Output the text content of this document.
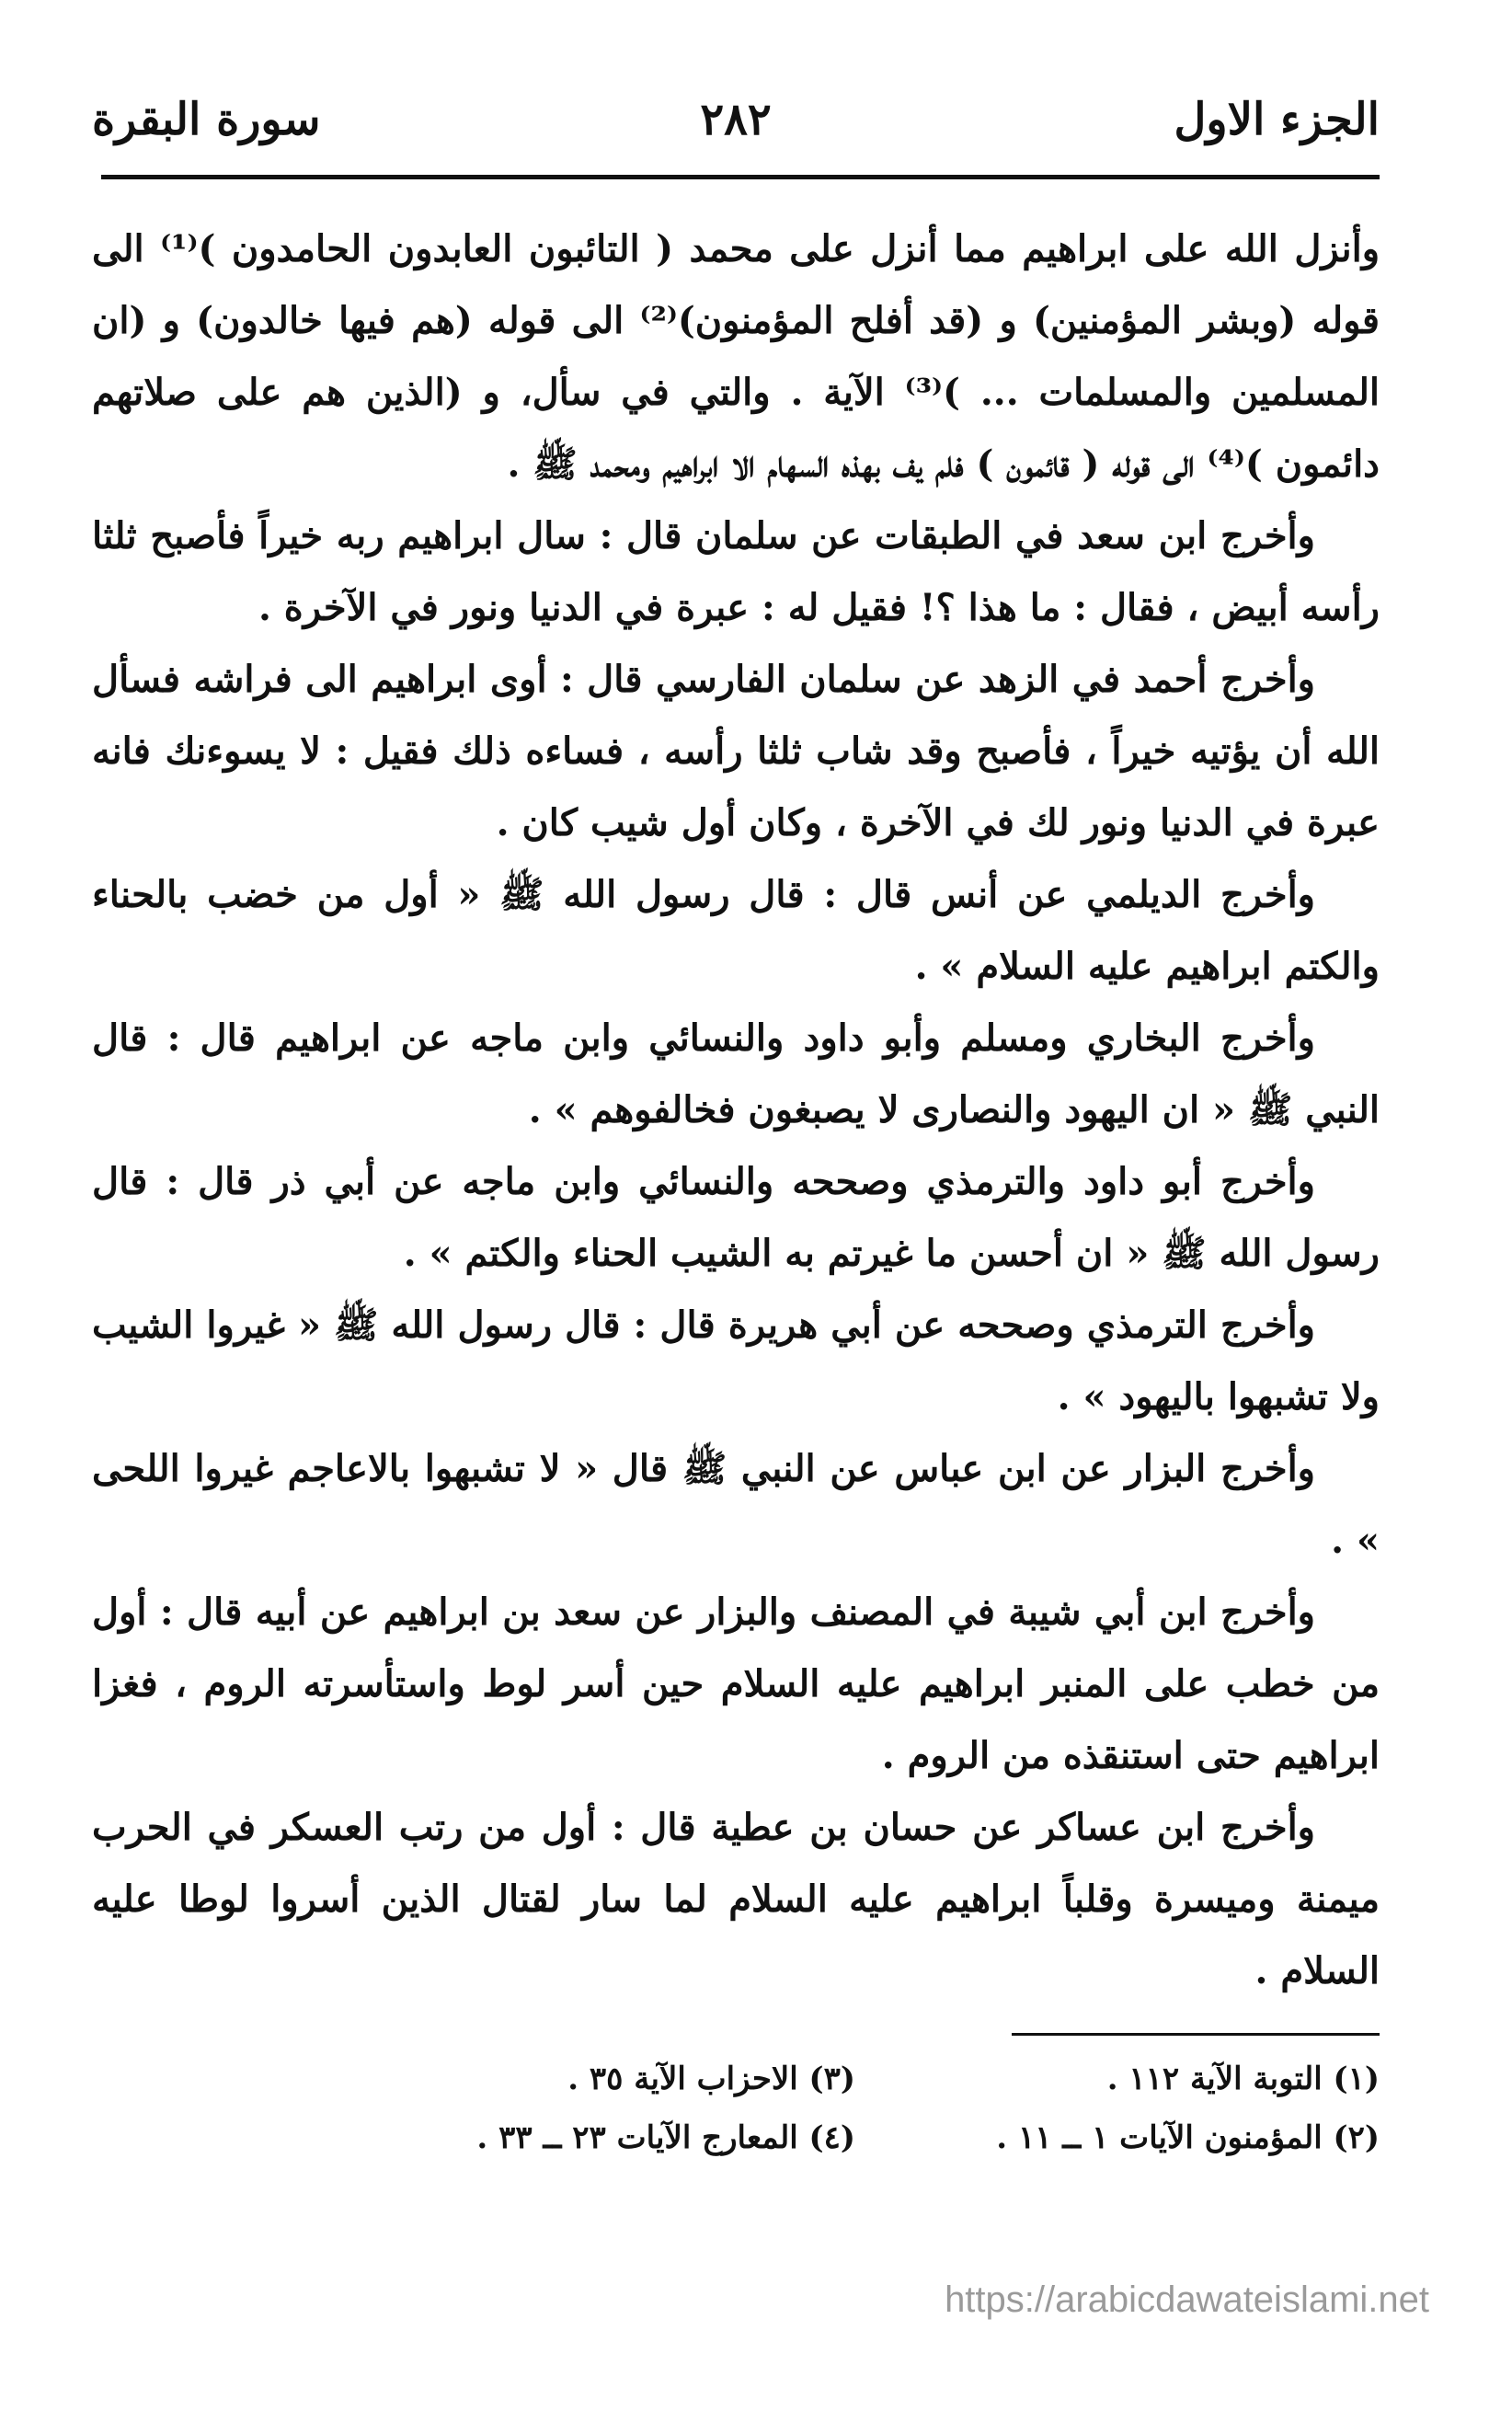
الجزء الاول
٢٨٢
سورة البقرة

وأنزل الله على ابراهيم مما أنزل على محمد ( التائبون العابدون الحامدون )⁽¹⁾ الى قوله (وبشر المؤمنين) و (قد أفلح المؤمنون)⁽²⁾ الى قوله (هم فيها خالدون) و (ان المسلمين والمسلمات ... )⁽³⁾ الآية . والتي في سأل، و (الذين هم على صلاتهم دائمون )⁽⁴⁾ الى قوله ( قائمون ) فلم يف بهذه السهام الا ابراهيم ومحمد ﷺ .

وأخرج ابن سعد في الطبقات عن سلمان قال : سال ابراهيم ربه خيراً فأصبح ثلثا رأسه أبيض ، فقال : ما هذا ؟! فقيل له : عبرة في الدنيا ونور في الآخرة .

وأخرج أحمد في الزهد عن سلمان الفارسي قال : أوى ابراهيم الى فراشه فسأل الله أن يؤتيه خيراً ، فأصبح وقد شاب ثلثا رأسه ، فساءه ذلك فقيل : لا يسوءنك فانه عبرة في الدنيا ونور لك في الآخرة ، وكان أول شيب كان .

وأخرج الديلمي عن أنس قال : قال رسول الله ﷺ « أول من خضب بالحناء والكتم ابراهيم عليه السلام » .

وأخرج البخاري ومسلم وأبو داود والنسائي وابن ماجه عن ابراهيم قال : قال النبي ﷺ « ان اليهود والنصارى لا يصبغون فخالفوهم » .

وأخرج أبو داود والترمذي وصححه والنسائي وابن ماجه عن أبي ذر قال : قال رسول الله ﷺ « ان أحسن ما غيرتم به الشيب الحناء والكتم » .

وأخرج الترمذي وصححه عن أبي هريرة قال : قال رسول الله ﷺ « غيروا الشيب ولا تشبهوا باليهود » .

وأخرج البزار عن ابن عباس عن النبي ﷺ قال « لا تشبهوا بالاعاجم غيروا اللحى » .

وأخرج ابن أبي شيبة في المصنف والبزار عن سعد بن ابراهيم عن أبيه قال : أول من خطب على المنبر ابراهيم عليه السلام حين أسر لوط واستأسرته الروم ، فغزا ابراهيم حتى استنقذه من الروم .

وأخرج ابن عساكر عن حسان بن عطية قال : أول من رتب العسكر في الحرب ميمنة وميسرة وقلباً ابراهيم عليه السلام لما سار لقتال الذين أسروا لوطا عليه السلام .

(١) التوبة الآية ١١٢ .
(٣) الاحزاب الآية ٣٥ .
(٢) المؤمنون الآيات ١ ــ ١١ .
(٤) المعارج الآيات ٢٣ ــ ٣٣ .
https://arabicdawateislami.net
